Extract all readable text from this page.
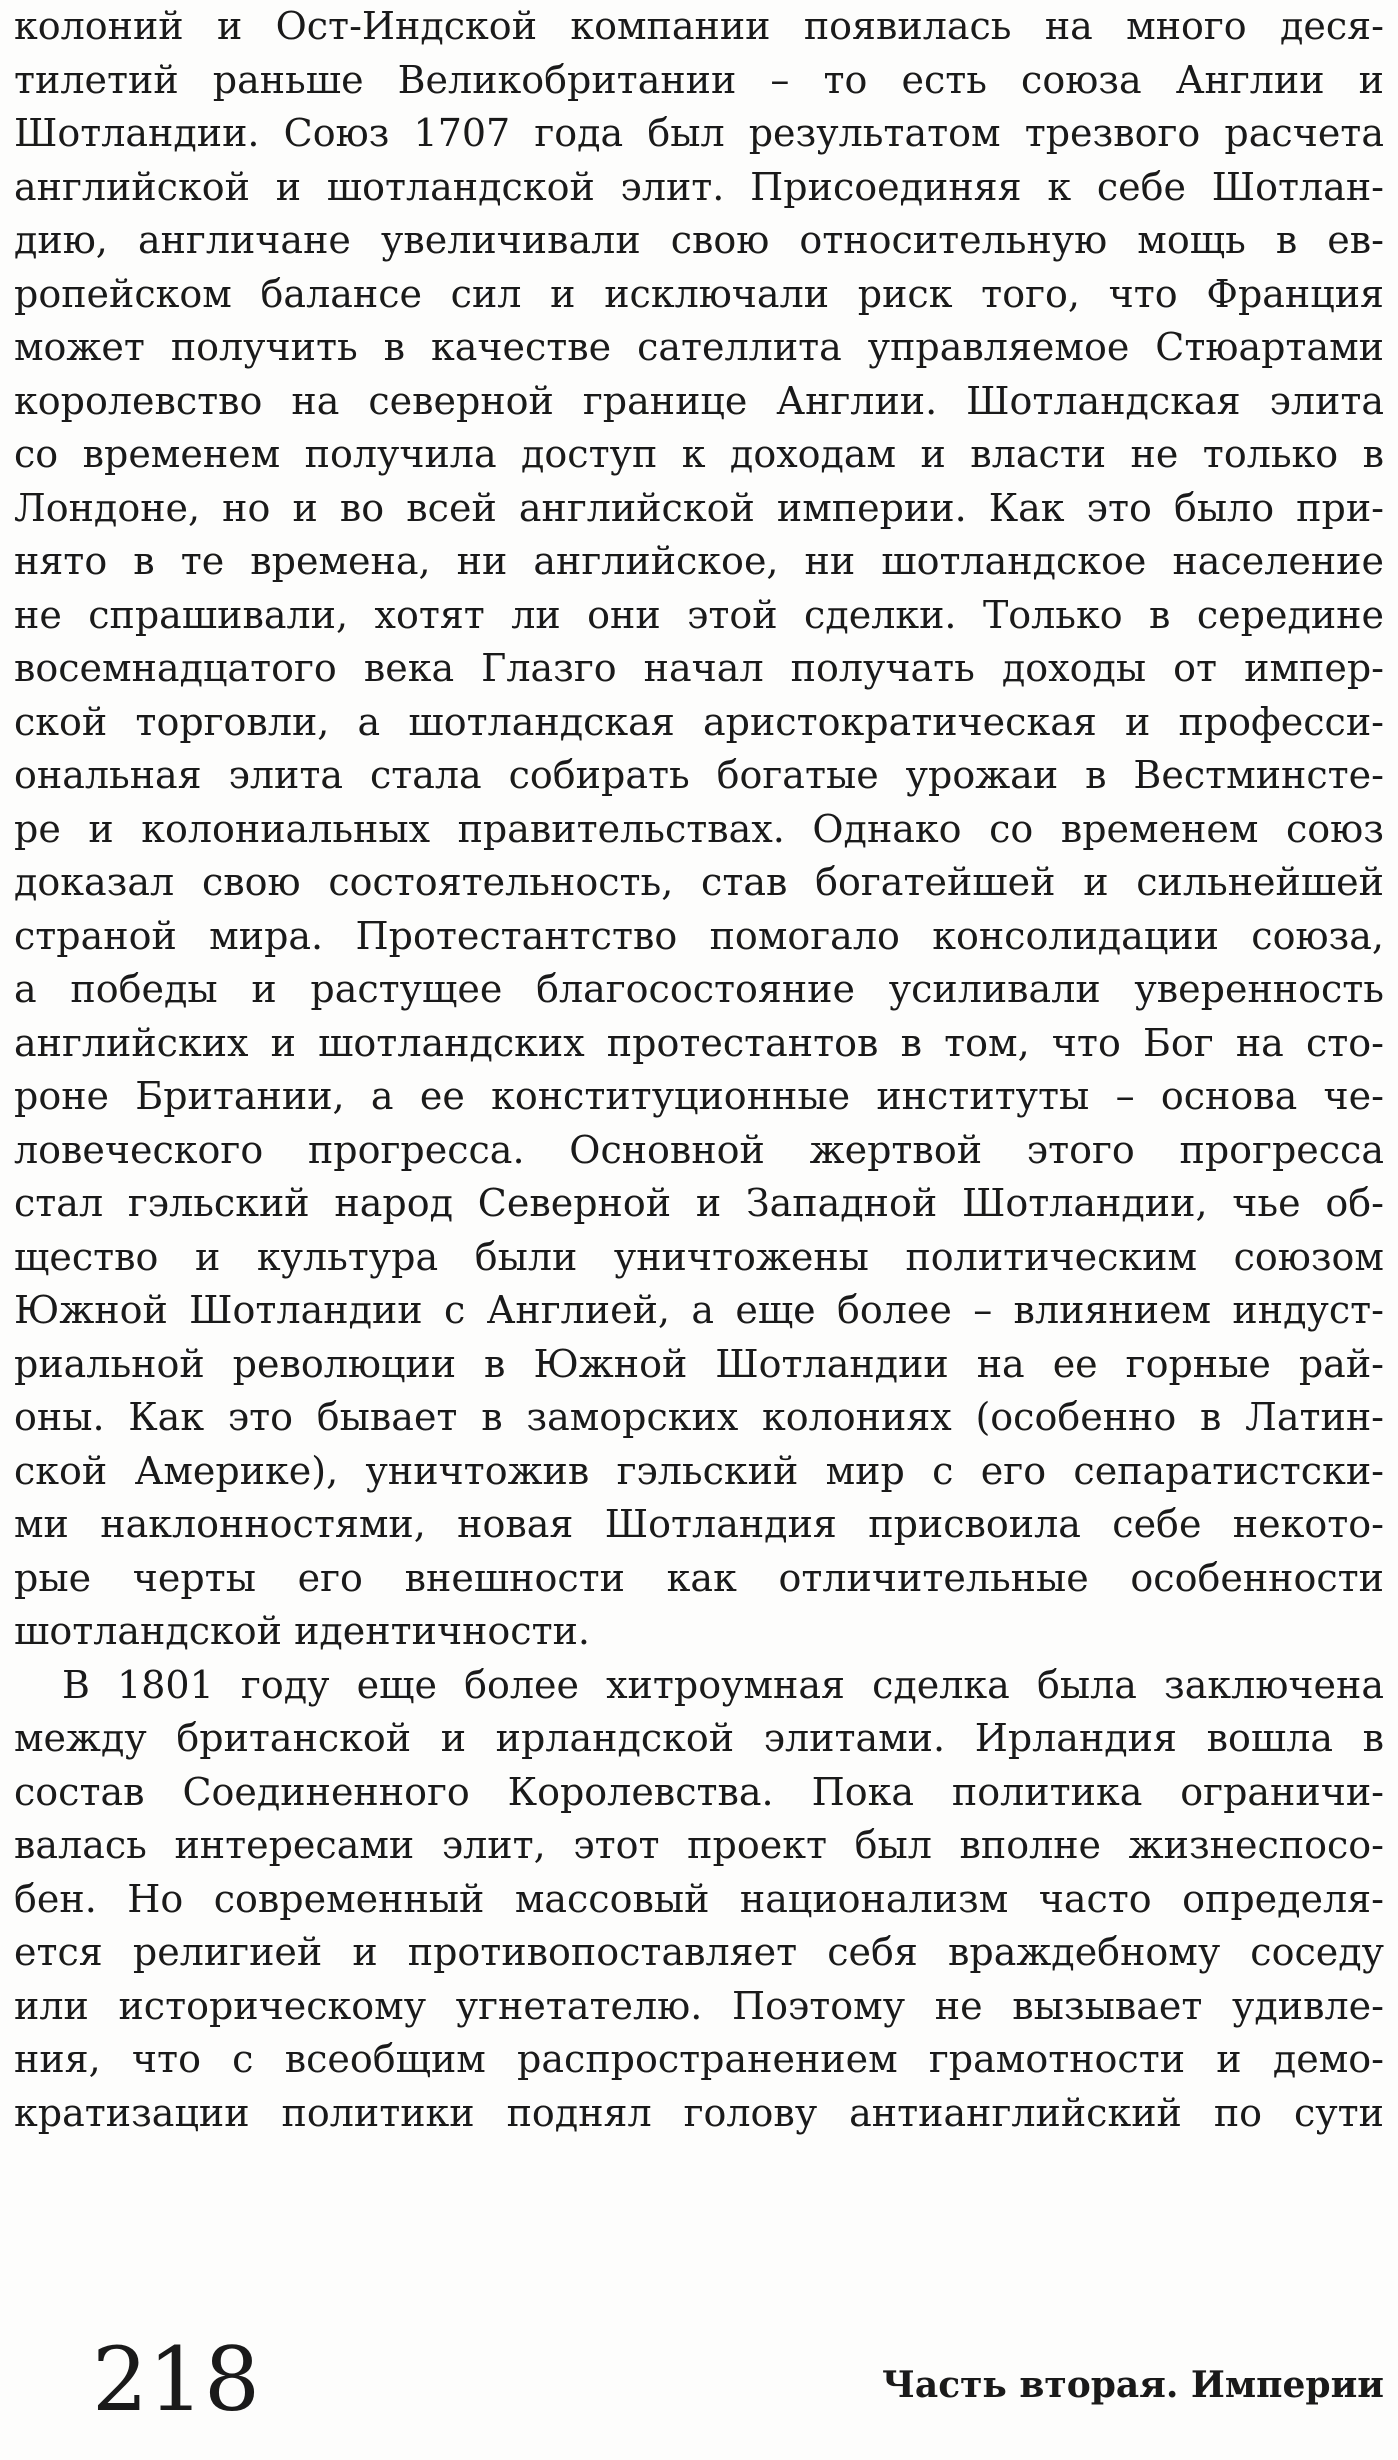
колоний и Ост-Индской компании появилась на много деся-
тилетий раньше Великобритании – то есть союза Англии и
Шотландии. Союз 1707 года был результатом трезвого расчета
английской и шотландской элит. Присоединяя к себе Шотлан-
дию, англичане увеличивали свою относительную мощь в ев-
ропейском балансе сил и исключали риск того, что Франция
может получить в качестве сателлита управляемое Стюартами
королевство на северной границе Англии. Шотландская элита
со временем получила доступ к доходам и власти не только в
Лондоне, но и во всей английской империи. Как это было при-
нято в те времена, ни английское, ни шотландское население
не спрашивали, хотят ли они этой сделки. Только в середине
восемнадцатого века Глазго начал получать доходы от импер-
ской торговли, а шотландская аристократическая и професси-
ональная элита стала собирать богатые урожаи в Вестминсте-
ре и колониальных правительствах. Однако со временем союз
доказал свою состоятельность, став богатейшей и сильнейшей
страной мира. Протестантство помогало консолидации союза,
а победы и растущее благосостояние усиливали уверенность
английских и шотландских протестантов в том, что Бог на сто-
роне Британии, а ее конституционные институты – основа че-
ловеческого прогресса. Основной жертвой этого прогресса
стал гэльский народ Северной и Западной Шотландии, чье об-
щество и культура были уничтожены политическим союзом
Южной Шотландии с Англией, а еще более – влиянием индуст-
риальной революции в Южной Шотландии на ее горные рай-
оны. Как это бывает в заморских колониях (особенно в Латин-
ской Америке), уничтожив гэльский мир с его сепаратистски-
ми наклонностями, новая Шотландия присвоила себе некото-
рые черты его внешности как отличительные особенности
шотландской идентичности.
В 1801 году еще более хитроумная сделка была заключена
между британской и ирландской элитами. Ирландия вошла в
состав Соединенного Королевства. Пока политика ограничи-
валась интересами элит, этот проект был вполне жизнеспосо-
бен. Но современный массовый национализм часто определя-
ется религией и противопоставляет себя враждебному соседу
или историческому угнетателю. Поэтому не вызывает удивле-
ния, что с всеобщим распространением грамотности и демо-
кратизации политики поднял голову антианглийский по сути
218	Часть вторая. Империи
